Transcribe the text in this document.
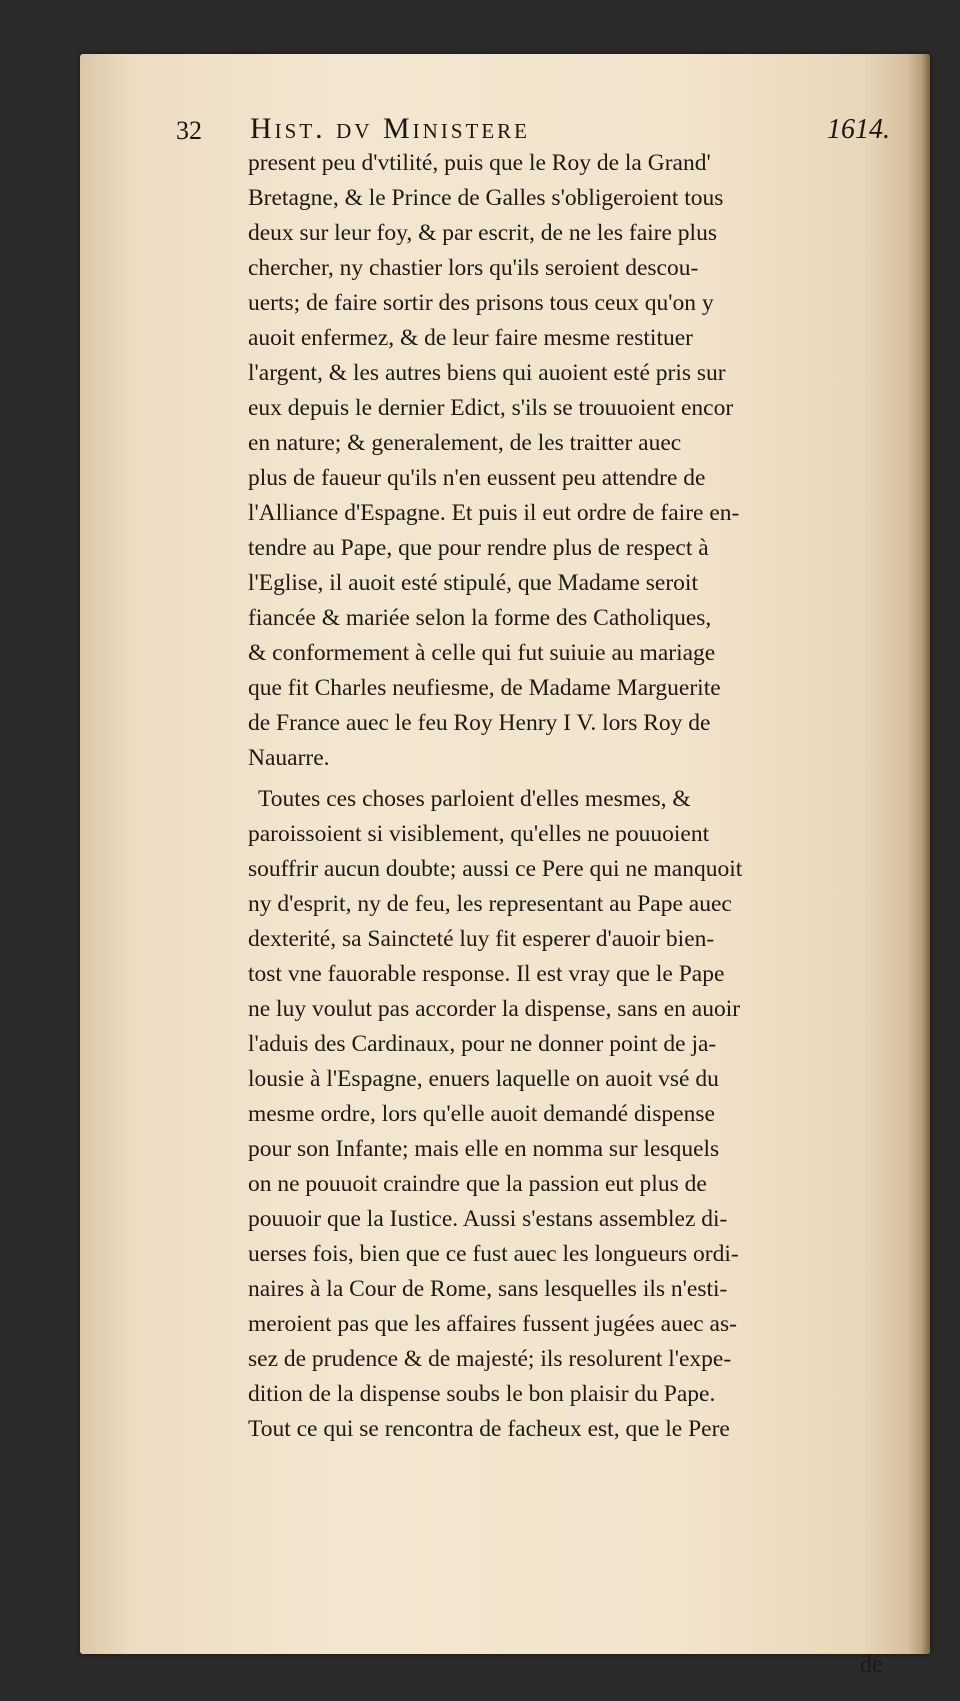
32 Hist. dv Ministere	1614.
present peu d'vtilité, puis que le Roy de la Grand'
Bretagne, & le Prince de Galles s'obligeroient tous
deux sur leur foy, & par escrit, de ne les faire plus
chercher, ny chastier lors qu'ils seroient descou-
uerts; de faire sortir des prisons tous ceux qu'on y
auoit enfermez, & de leur faire mesme restituer
l'argent, & les autres biens qui auoient esté pris sur
eux depuis le dernier Edict, s'ils se trouuoient encor
en nature; & generalement, de les traitter auec
plus de faueur qu'ils n'en eussent peu attendre de
l'Alliance d'Espagne. Et puis il eut ordre de faire en-
tendre au Pape, que pour rendre plus de respect à
l'Eglise, il auoit esté stipulé, que Madame seroit
fiancée & mariée selon la forme des Catholiques,
& conformement à celle qui fut suiuie au mariage
que fit Charles neufiesme, de Madame Marguerite
de France auec le feu Roy Henry I V. lors Roy de
Nauarre.
Toutes ces choses parloient d'elles mesmes, &
paroissoient si visiblement, qu'elles ne pouuoient
souffrir aucun doubte; aussi ce Pere qui ne manquoit
ny d'esprit, ny de feu, les representant au Pape auec
dexterité, sa Saincteté luy fit esperer d'auoir bien-
tost vne fauorable response. Il est vray que le Pape
ne luy voulut pas accorder la dispense, sans en auoir
l'aduis des Cardinaux, pour ne donner point de ja-
lousie à l'Espagne, enuers laquelle on auoit vsé du
mesme ordre, lors qu'elle auoit demandé dispense
pour son Infante; mais elle en nomma sur lesquels
on ne pouuoit craindre que la passion eut plus de
pouuoir que la Iustice. Aussi s'estans assemblez di-
uerses fois, bien que ce fust auec les longueurs ordi-
naires à la Cour de Rome, sans lesquelles ils n'esti-
meroient pas que les affaires fussent jugées auec as-
sez de prudence & de majesté; ils resolurent l'expe-
dition de la dispense soubs le bon plaisir du Pape.
Tout ce qui se rencontra de facheux est, que le Pere
de
